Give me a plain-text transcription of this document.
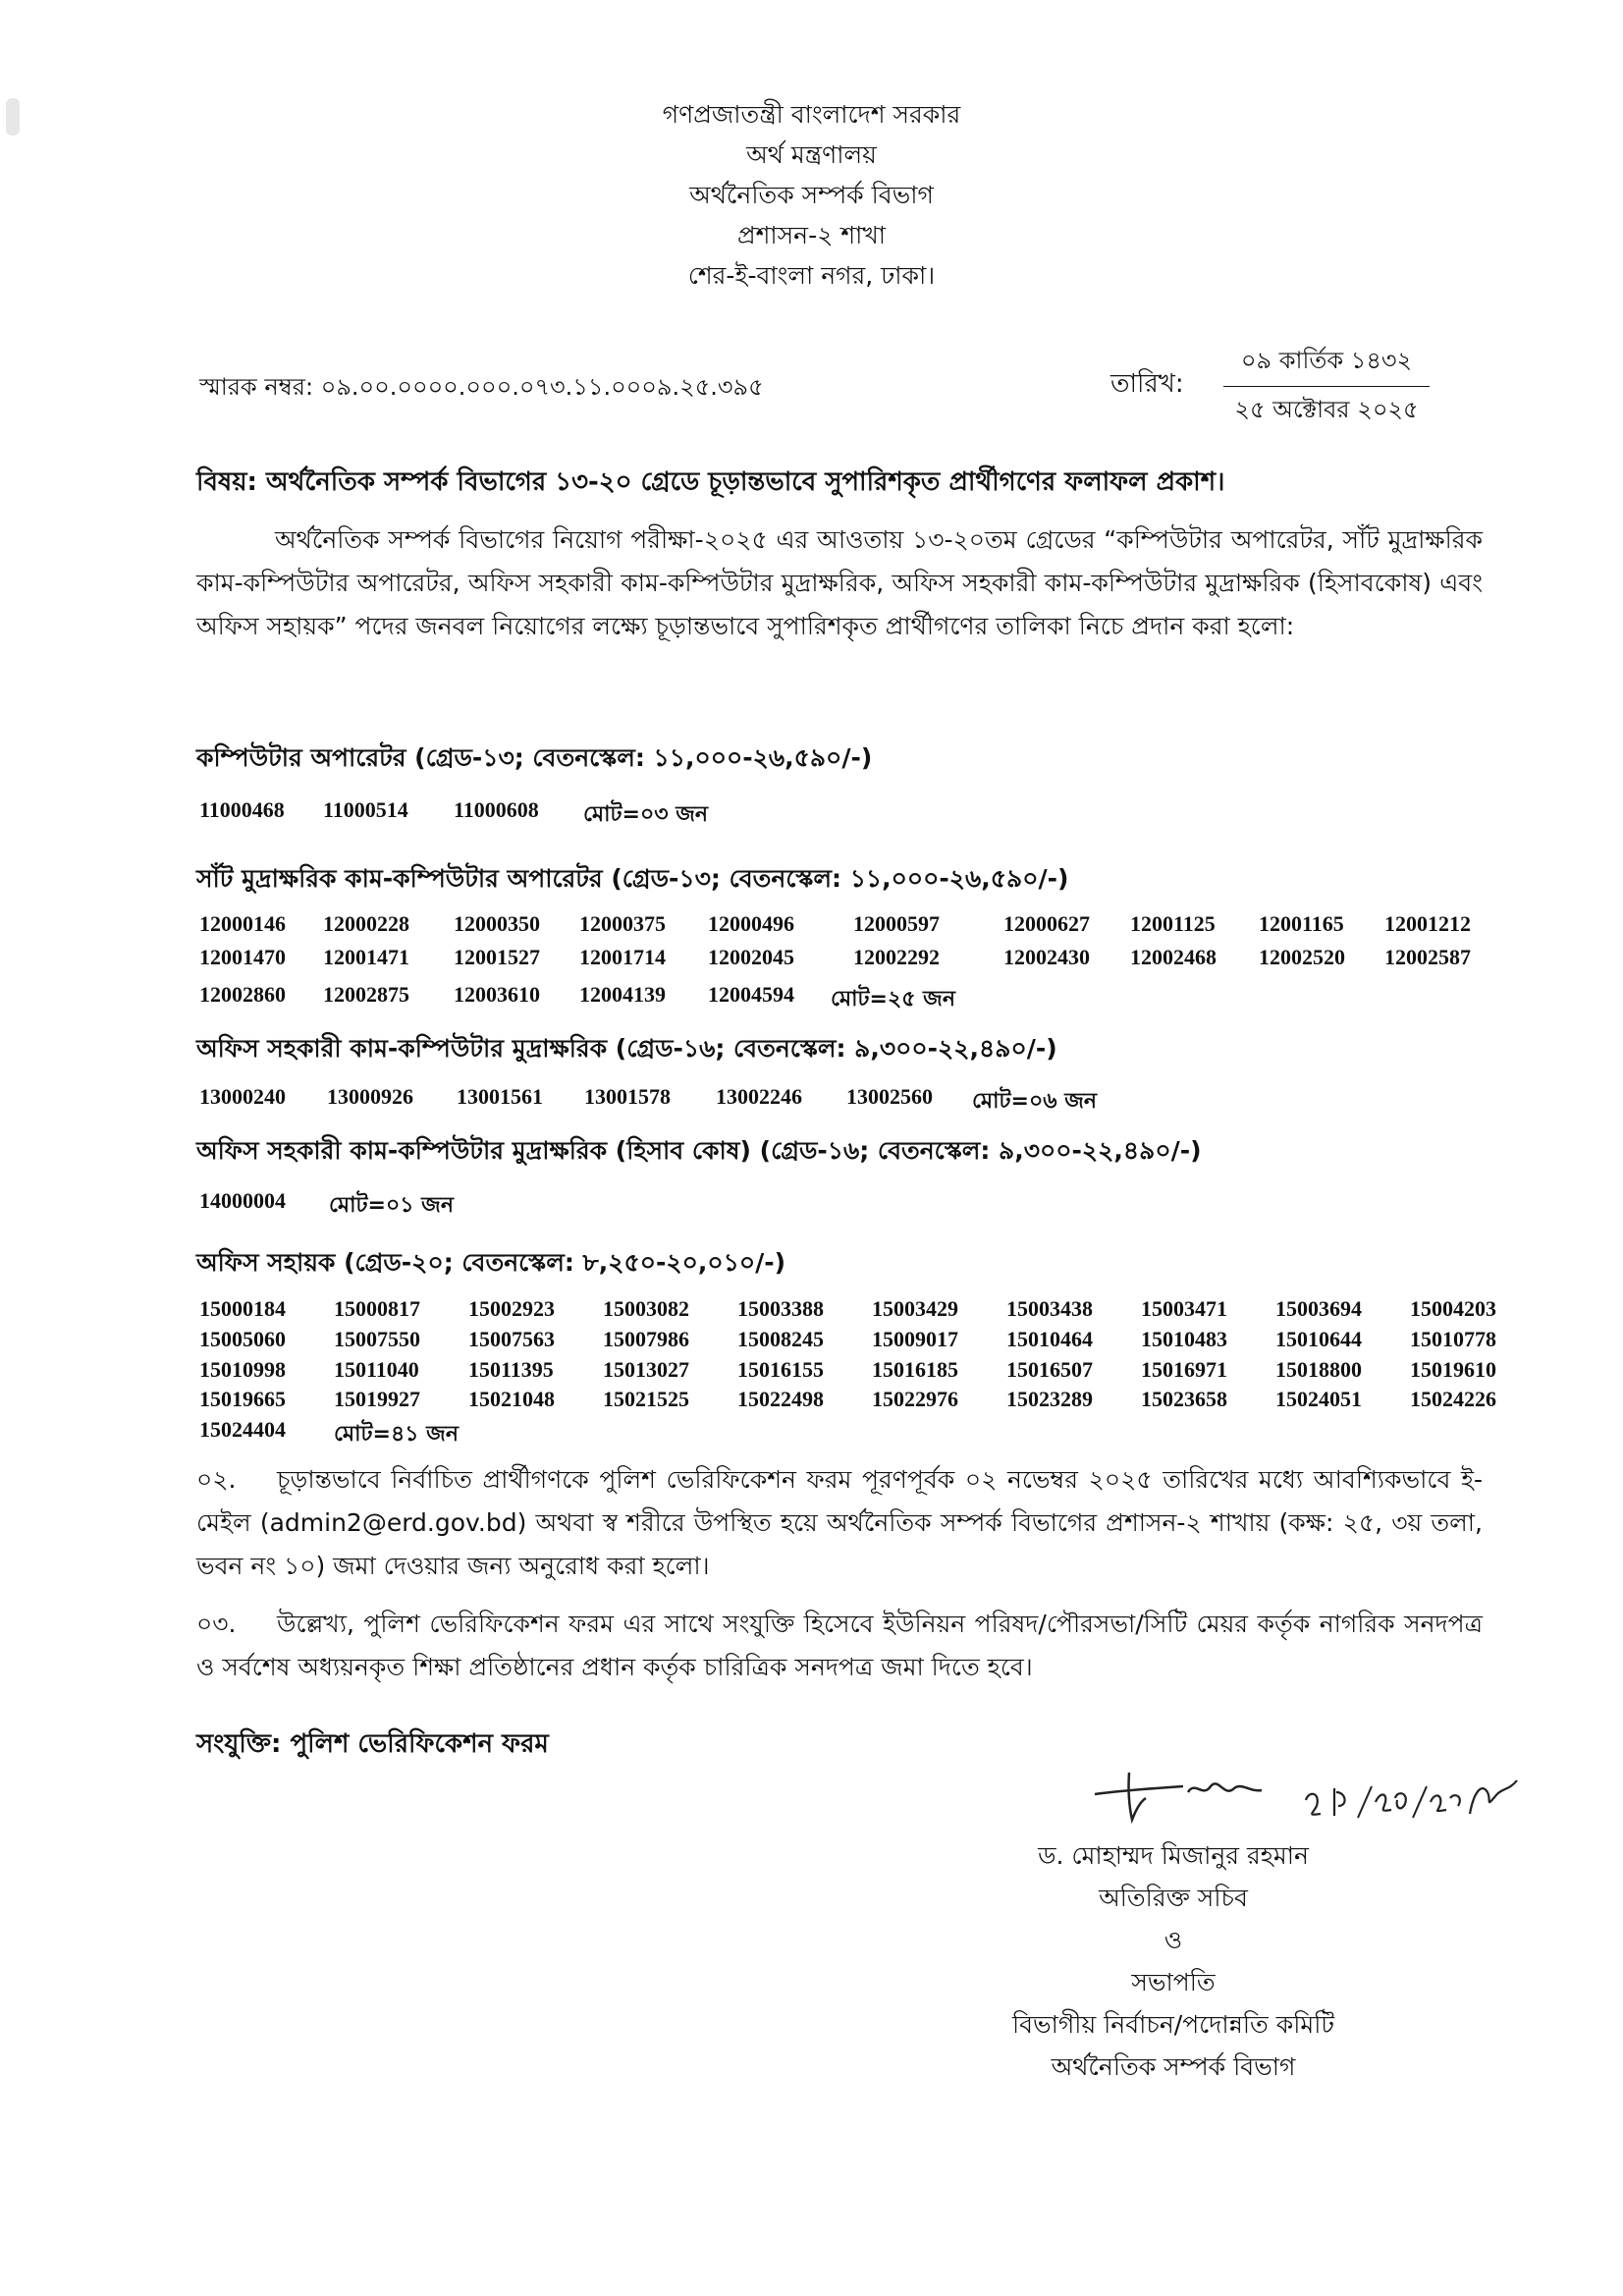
গণপ্রজাতন্ত্রী বাংলাদেশ সরকার
অর্থ মন্ত্রণালয়
অর্থনৈতিক সম্পর্ক বিভাগ
প্রশাসন-২ শাখা
শের-ই-বাংলা নগর, ঢাকা।
স্মারক নম্বর: ০৯.০০.০০০০.০০০.০৭৩.১১.০০০৯.২৫.৩৯৫	তারিখ:
০৯ কার্তিক ১৪৩২
২৫ অক্টোবর ২০২৫
বিষয়: অর্থনৈতিক সম্পর্ক বিভাগের ১৩-২০ গ্রেডে চূড়ান্তভাবে সুপারিশকৃত প্রার্থীগণের ফলাফল প্রকাশ।
অর্থনৈতিক সম্পর্ক বিভাগের নিয়োগ পরীক্ষা-২০২৫ এর আওতায় ১৩-২০তম গ্রেডের “কম্পিউটার অপারেটর, সাঁট মুদ্রাক্ষরিক কাম-কম্পিউটার অপারেটর, অফিস সহকারী কাম-কম্পিউটার মুদ্রাক্ষরিক, অফিস সহকারী কাম-কম্পিউটার মুদ্রাক্ষরিক (হিসাবকোষ) এবং অফিস সহায়ক” পদের জনবল নিয়োগের লক্ষ্যে চূড়ান্তভাবে সুপারিশকৃত প্রার্থীগণের তালিকা নিচে প্রদান করা হলো:
কম্পিউটার অপারেটর (গ্রেড-১৩; বেতনস্কেল: ১১,০০০-২৬,৫৯০/-)
11000468	11000514	11000608	মোট=০৩ জন
সাঁট মুদ্রাক্ষরিক কাম-কম্পিউটার অপারেটর (গ্রেড-১৩; বেতনস্কেল: ১১,০০০-২৬,৫৯০/-)
12000146	12000228	12000350	12000375	12000496	12000597	12000627	12001125	12001165	12001212
12001470	12001471	12001527	12001714	12002045	12002292	12002430	12002468	12002520	12002587
12002860	12002875	12003610	12004139	12004594	মোট=২৫ জন
অফিস সহকারী কাম-কম্পিউটার মুদ্রাক্ষরিক (গ্রেড-১৬; বেতনস্কেল: ৯,৩০০-২২,৪৯০/-)
13000240	13000926	13001561	13001578	13002246	13002560	মোট=০৬ জন
অফিস সহকারী কাম-কম্পিউটার মুদ্রাক্ষরিক (হিসাব কোষ) (গ্রেড-১৬; বেতনস্কেল: ৯,৩০০-২২,৪৯০/-)
14000004	মোট=০১ জন
অফিস সহায়ক (গ্রেড-২০; বেতনস্কেল: ৮,২৫০-২০,০১০/-)
15000184	15000817	15002923	15003082	15003388	15003429	15003438	15003471	15003694	15004203
15005060	15007550	15007563	15007986	15008245	15009017	15010464	15010483	15010644	15010778
15010998	15011040	15011395	15013027	15016155	15016185	15016507	15016971	15018800	15019610
15019665	15019927	15021048	15021525	15022498	15022976	15023289	15023658	15024051	15024226
15024404	মোট=৪১ জন
০২. চূড়ান্তভাবে নির্বাচিত প্রার্থীগণকে পুলিশ ভেরিফিকেশন ফরম পূরণপূর্বক ০২ নভেম্বর ২০২৫ তারিখের মধ্যে আবশ্যিকভাবে ই-মেইল (admin2@erd.gov.bd) অথবা স্ব শরীরে উপস্থিত হয়ে অর্থনৈতিক সম্পর্ক বিভাগের প্রশাসন-২ শাখায় (কক্ষ: ২৫, ৩য় তলা, ভবন নং ১০) জমা দেওয়ার জন্য অনুরোধ করা হলো।
০৩. উল্লেখ্য, পুলিশ ভেরিফিকেশন ফরম এর সাথে সংযুক্তি হিসেবে ইউনিয়ন পরিষদ/পৌরসভা/সিটি মেয়র কর্তৃক নাগরিক সনদপত্র ও সর্বশেষ অধ্যয়নকৃত শিক্ষা প্রতিষ্ঠানের প্রধান কর্তৃক চারিত্রিক সনদপত্র জমা দিতে হবে।
সংযুক্তি: পুলিশ ভেরিফিকেশন ফরম
ড. মোহাম্মদ মিজানুর রহমান
অতিরিক্ত সচিব
ও
সভাপতি
বিভাগীয় নির্বাচন/পদোন্নতি কমিটি
অর্থনৈতিক সম্পর্ক বিভাগ
